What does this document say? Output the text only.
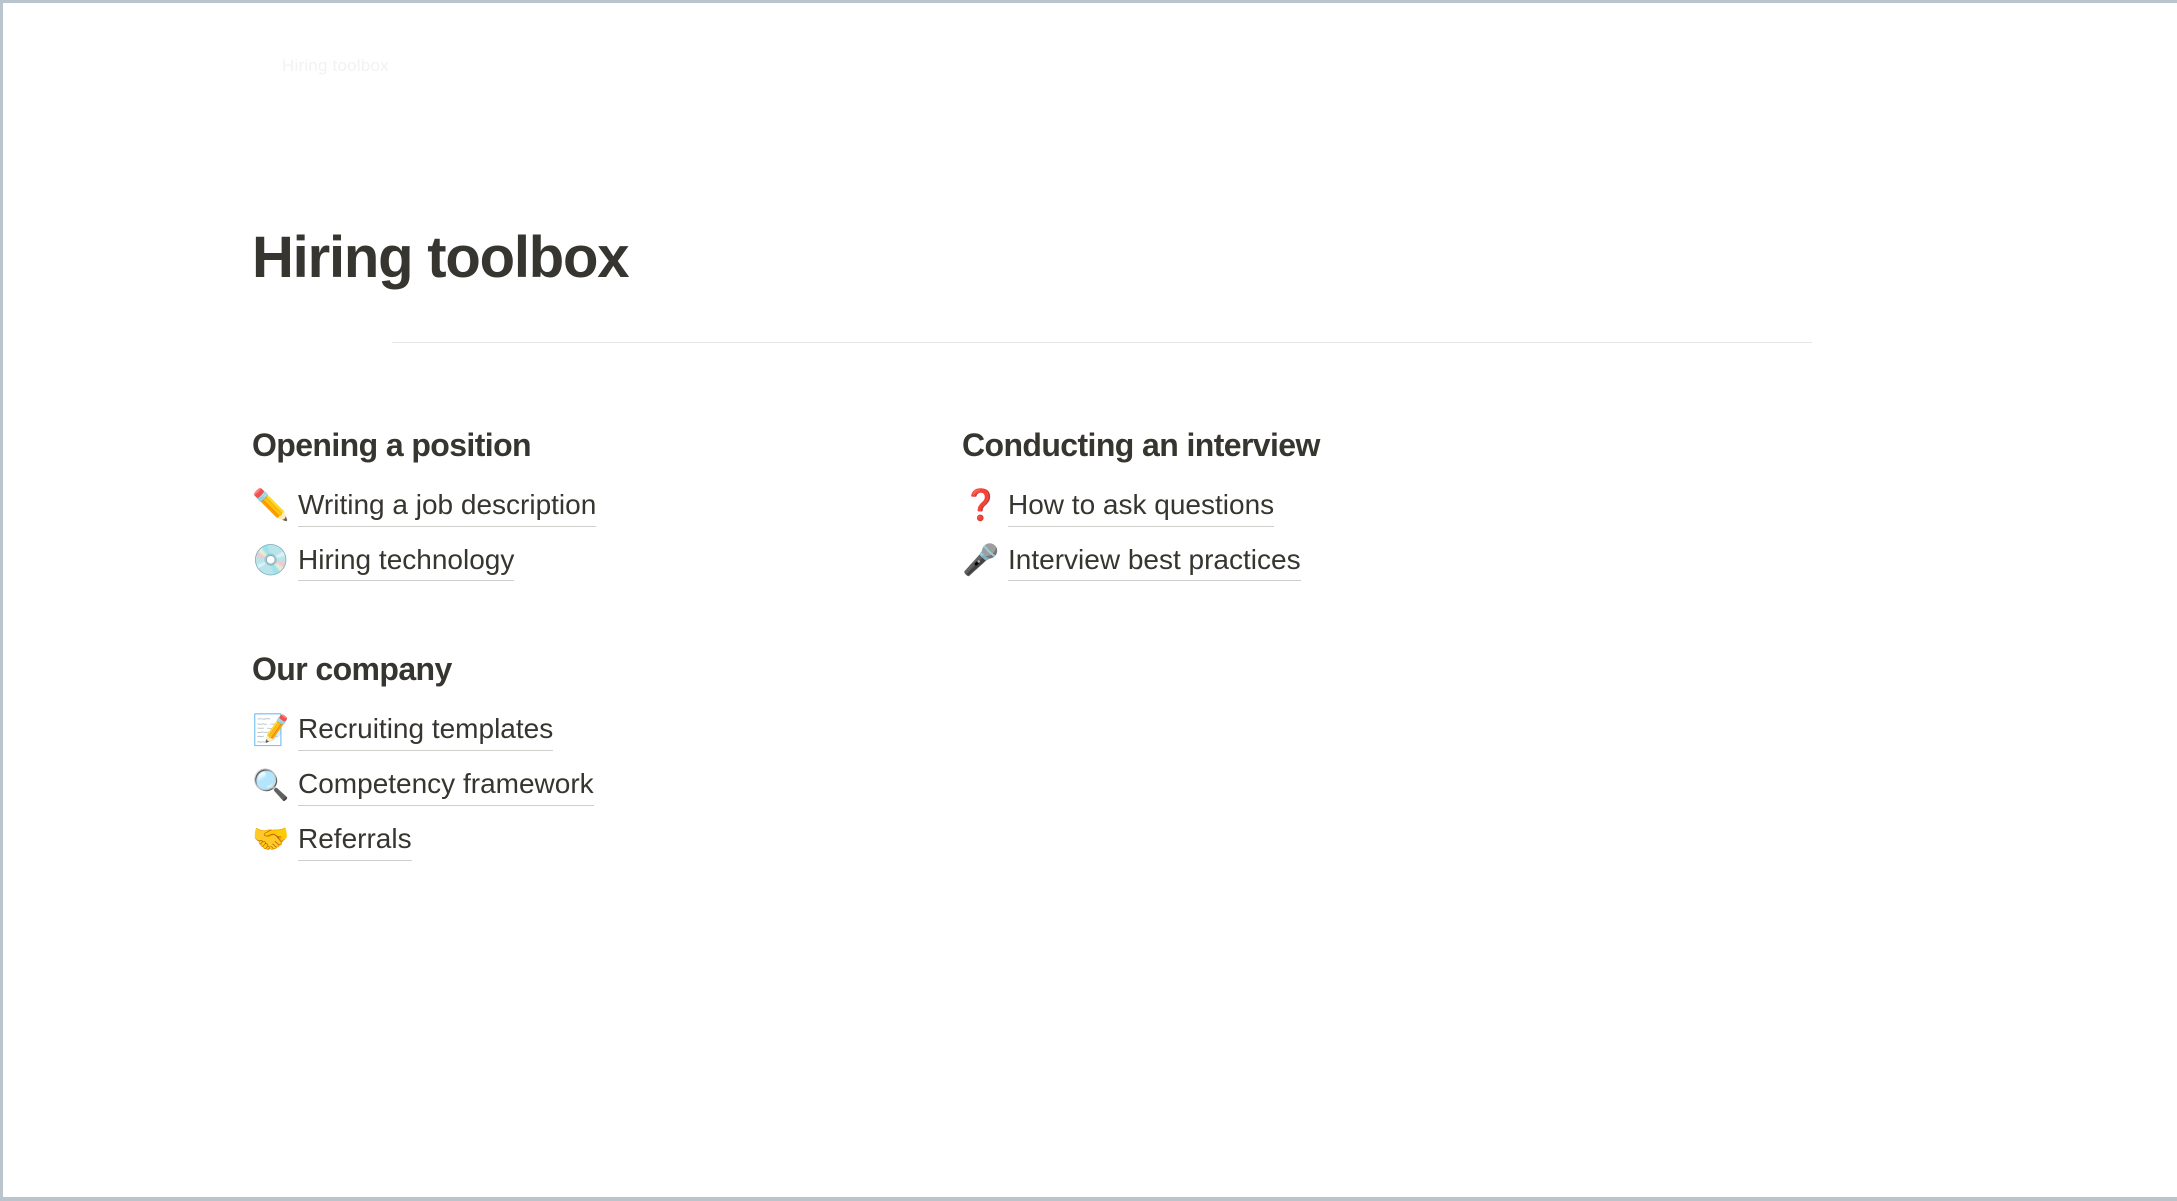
Hiring toolbox
Hiring toolbox
Opening a position
✏️ Writing a job description
💿 Hiring technology
Our company
📝 Recruiting templates
🔍 Competency framework
🤝 Referrals
Conducting an interview
❓ How to ask questions
🎤 Interview best practices
